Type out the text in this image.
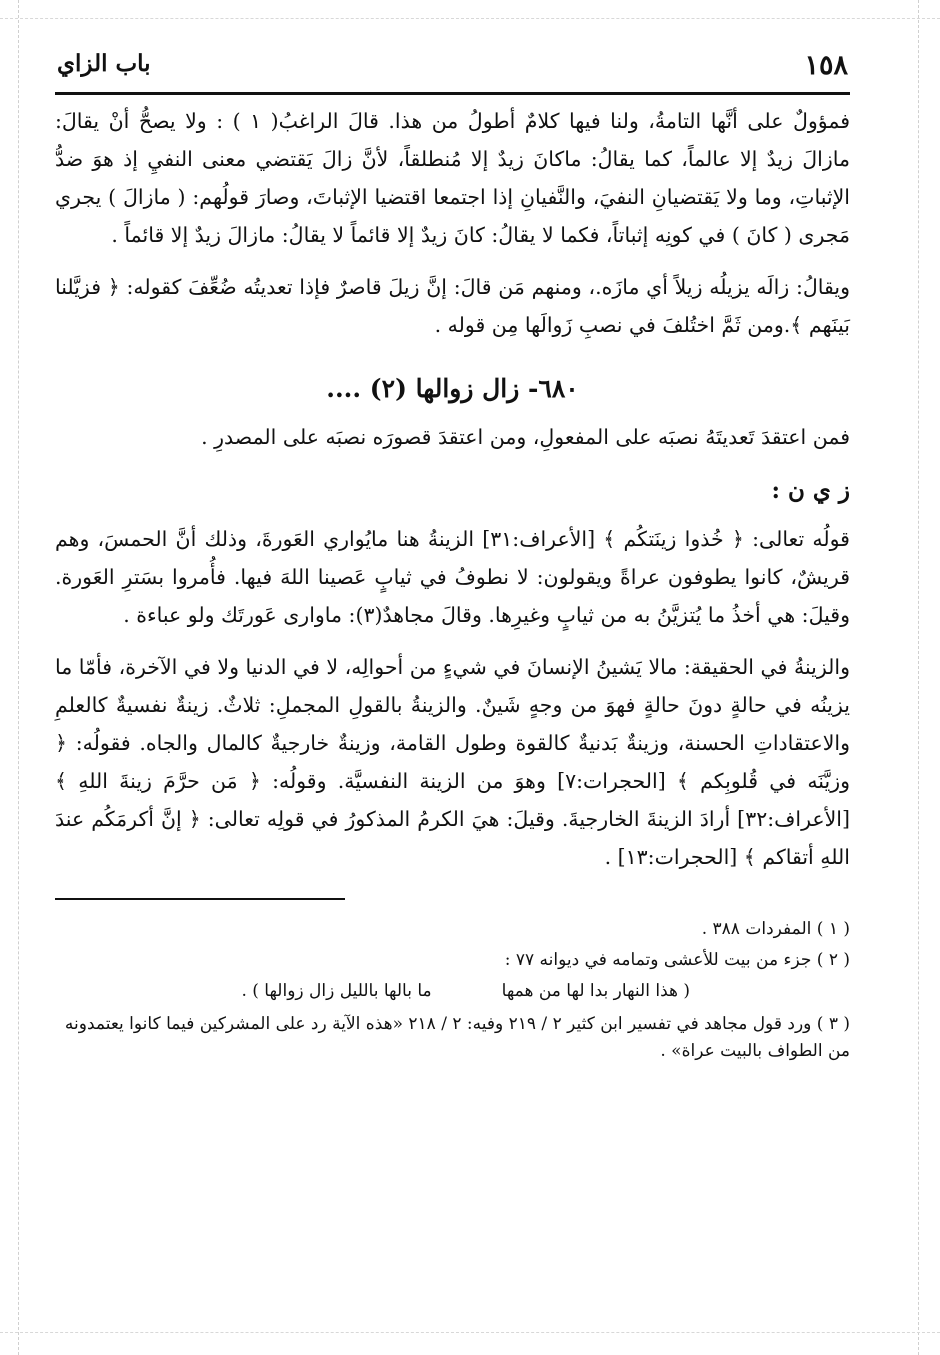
١٥٨
باب الزاي

فمؤولٌ على أنَّها التامةُ، ولنا فيها كلامٌ أطولُ من هذا. قالَ الراغبُ( ١ ) : ولا يصحُّ أنْ يقالَ: مازالَ زيدٌ إلا عالماً، كما يقالُ: ماكانَ زيدٌ إلا مُنطلقاً، لأنَّ زالَ يَقتضي معنى النفيِ إذ هوَ ضدُّ الإثباتِ، وما ولا يَقتضيانِ النفيَ، والنَّفيانِ إذا اجتمعا اقتضيا الإثباتَ، وصارَ قولُهم: ( مازالَ ) يجري مَجرى ( كانَ ) في كونِه إثباتاً، فكما لا يقالُ: كانَ زيدٌ إلا قائماً لا يقالُ: مازالَ زيدٌ إلا قائماً .

ويقالُ: زالَه يزيلُه زيلاً أي مازَه.، ومنهم مَن قالَ: إنَّ زيلَ قاصرٌ فإذا تعديتُه ضُعِّفَ كقوله: ﴿ فزيَّلنا بَينَهم ﴾.ومن ثَمَّ اختُلفَ في نصبِ زَوالَها مِن قوله .

٦٨٠- زال زوالها (٢) ....

فمن اعتقدَ تَعديتَهُ نصبَه على المفعولِ، ومن اعتقدَ قصورَه نصبَه على المصدرِ .

ز ي ن :

قولُه تعالى: ﴿ خُذوا زينَتكُم ﴾ [الأعراف:٣١] الزينةُ هنا مايُواري العَورةَ، وذلك أنَّ الحمسَ، وهم قريشٌ، كانوا يطوفون عراةً ويقولون: لا نطوفُ في ثيابٍ عَصينا اللهَ فيها. فأُمروا بسَترِ العَورة. وقيلَ: هي أخذُ ما يُتزيَّنُ به من ثيابٍ وغيرِها. وقالَ مجاهدٌ(٣): ماوارى عَورتَك ولو عباءة .

والزينةُ في الحقيقة: مالا يَشينُ الإنسانَ في شيءٍ من أحوالِه، لا في الدنيا ولا في الآخرة، فأمّا ما يزينُه في حالةٍ دونَ حالةٍ فهوَ من وجهٍ شَينٌ. والزينةُ بالقولِ المجملِ: ثلاثٌ. زينةٌ نفسيةٌ كالعلمِ والاعتقاداتِ الحسنة، وزينةٌ بَدنيةٌ كالقوة وطول القامة، وزينةٌ خارجيةٌ كالمال والجاه. فقولُه: ﴿ وزيَّنَه في قُلوبِكم ﴾ [الحجرات:٧] وهوَ من الزينة النفسيَّة. وقولُه: ﴿ مَن حرَّمَ زينةَ اللهِ ﴾ [الأعراف:٣٢] أرادَ الزينةَ الخارجيةَ. وقيلَ: هيَ الكرمُ المذكورُ في قولِه تعالى: ﴿ إنَّ أكرمَكُم عندَ اللهِ أتقاكم ﴾ [الحجرات:١٣] .

( ١ ) المفردات ٣٨٨ .

( ٢ ) جزء من بيت للأعشى وتمامه في ديوانه ٧٧ :

( هذا النهار بدا لها من همها
ما بالها بالليل زال زوالها ) .

( ٣ ) ورد قول مجاهد في تفسير ابن كثير ٢ / ٢١٩ وفيه: ٢ / ٢١٨ «هذه الآية رد على المشركين فيما كانوا يعتمدونه من الطواف بالبيت عراة» .
